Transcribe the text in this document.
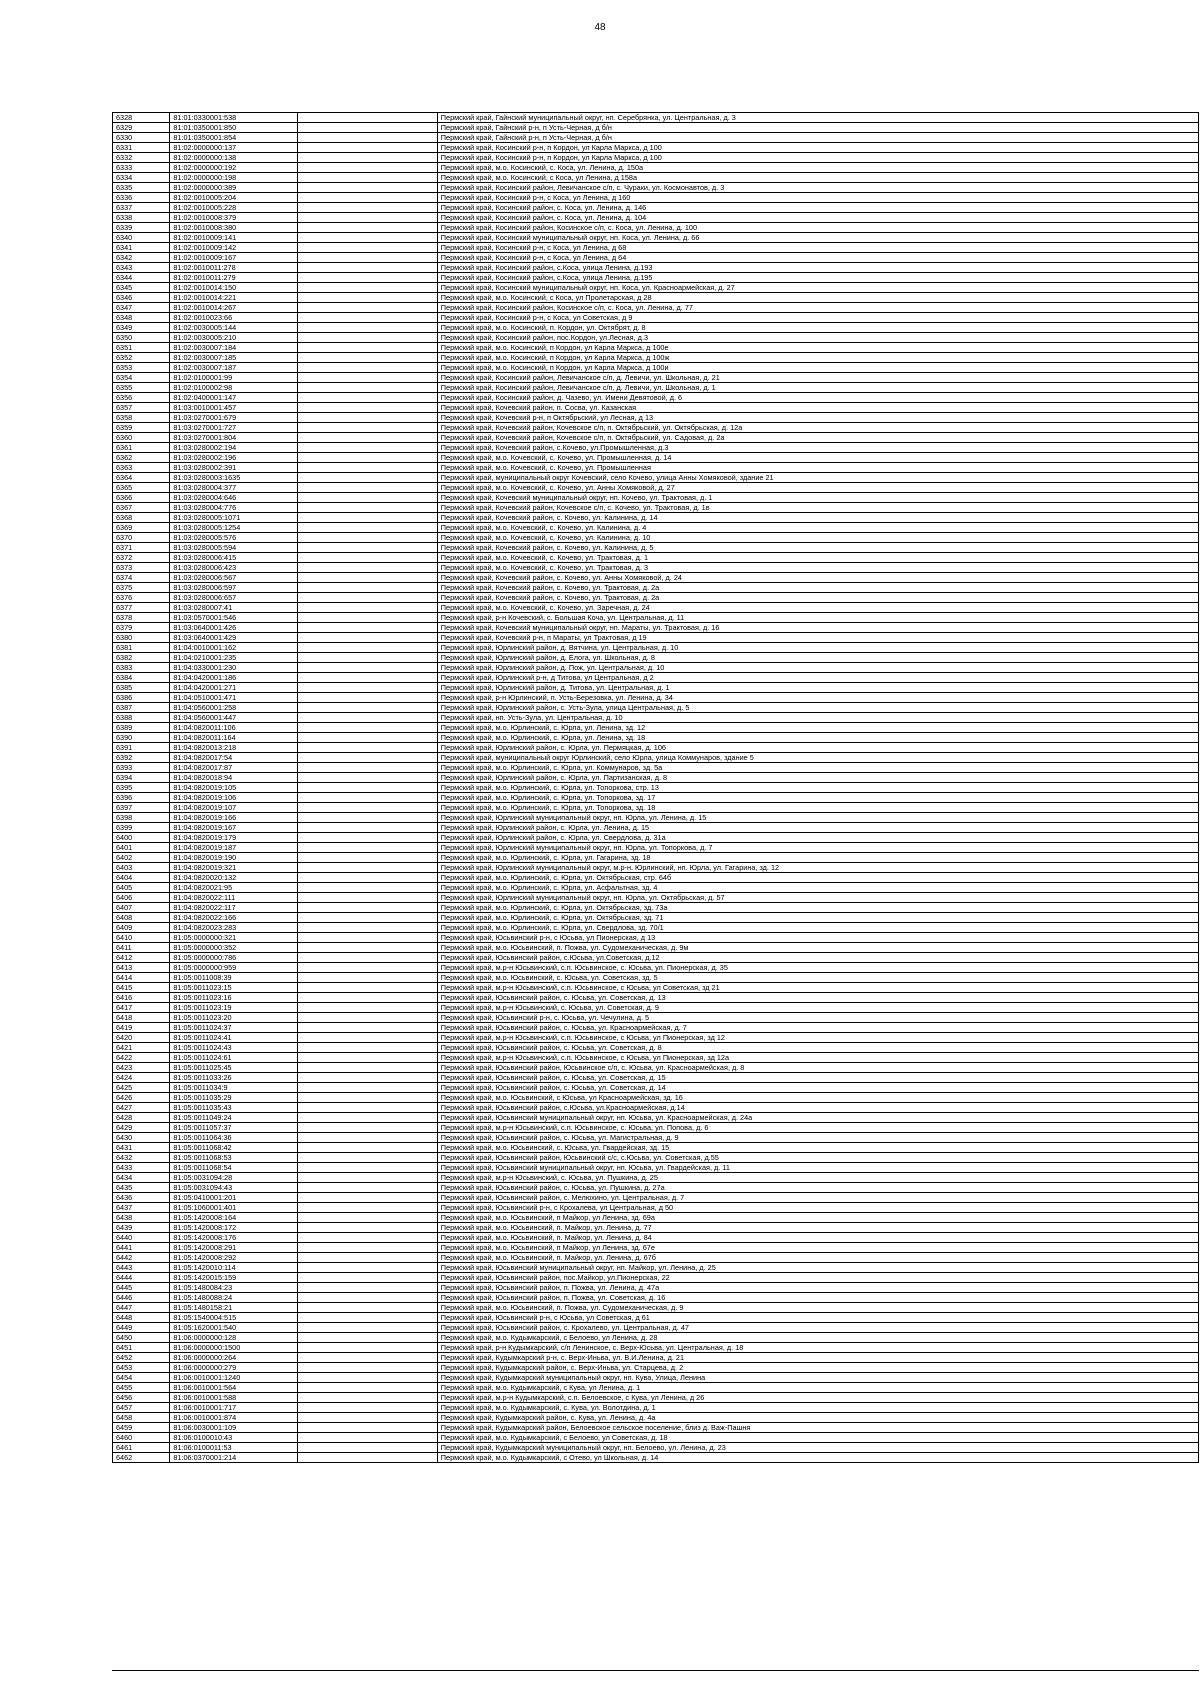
48
6328	81:01:0330001:538		Пермский край, Гайнский муниципальный округ, нп. Серебрянка, ул. Центральная, д. 3
6329	81:01:0350001:850		Пермский край, Гайнский р-н, п Усть-Черная, д б/н
6330	81:01:0350001:854		Пермский край, Гайнский р-н, п Усть-Черная, д б/н
6331	81:02:0000000:137		Пермский край, Косинский р-н, п Кордон, ул Карла Маркса, д 100
6332	81:02:0000000:138		Пермский край, Косинский р-н, п Кордон, ул Карла Маркса, д 100
6333	81:02:0000000:192		Пермский край, м.о. Косинский, с. Коса, ул. Ленина, д. 150а
6334	81:02:0000000:198		Пермский край, м.о. Косинский, с Коса, ул Ленина, д 158а
6335	81:02:0000000:389		Пермский край, Косинский район, Левичанское с/п, с. Чураки, ул. Космонавтов, д. 3
6336	81:02:0010005:204		Пермский край, Косинский р-н, с Коса, ул Ленина, д 160
6337	81:02:0010005:228		Пермский край, Косинский район, с. Коса, ул. Ленина, д. 146
6338	81:02:0010008:379		Пермский край, Косинский район, с. Коса, ул. Ленина, д. 104
6339	81:02:0010008:380		Пермский край, Косинский район, Косинское с/п, с. Коса, ул. Ленина, д. 100
6340	81:02:0010009:141		Пермский край, Косинский муниципальный округ, нп. Коса, ул. Ленина, д. 66
6341	81:02:0010009:142		Пермский край, Косинский р-н, с Коса, ул Ленина, д 68
6342	81:02:0010009:167		Пермский край, Косинский р-н, с Коса, ул Ленина, д 64
6343	81:02:0010011:278		Пермский край, Косинский район, с.Коса, улица Ленина, д.193
6344	81:02:0010011:279		Пермский край, Косинский район, с.Коса, улица Ленина, д.195
6345	81:02:0010014:150		Пермский край, Косинский муниципальный округ, нп. Коса, ул. Красноармейская, д. 27
6346	81:02:0010014:221		Пермский край, м.о. Косинский, с Коса, ул Пролетарская, д 28
6347	81:02:0010014:267		Пермский край, Косинский район, Косинское с/п, с. Коса, ул. Ленина, д. 77
6348	81:02:0010023:66		Пермский край, Косинский р-н, с Коса, ул Советская, д 9
6349	81:02:0030005:144		Пермский край, м.о. Косинский, п. Кордон, ул. Октябрят, д. 8
6350	81:02:0030005:210		Пермский край, Косинский район, пос.Кордон, ул.Лесная, д.3
6351	81:02:0030007:184		Пермский край, м.о. Косинский, п Кордон, ул Карла Маркса, д 100е
6352	81:02:0030007:185		Пермский край, м.о. Косинский, п Кордон, ул Карла Маркса, д 100ж
6353	81:02:0030007:187		Пермский край, м.о. Косинский, п Кордон, ул Карла Маркса, д 100и
6354	81:02:0100001:99		Пермский край, Косинский район, Левичанское с/п, д. Левичи, ул. Школьная, д. 21
6355	81:02:0100002:98		Пермский край, Косинский район, Левичанское с/п, д. Левичи, ул. Школьная, д. 1
6356	81:02:0400001:147		Пермский край, Косинский район, д. Чазево, ул. Имени Девятовой, д. 6
6357	81:03:0010001:457		Пермский край, Кочевский район, п. Сосва, ул. Казанская
6358	81:03:0270001:679		Пермский край, Кочевский р-н, п Октябрьский, ул Лесная, д 13
6359	81:03:0270001:727		Пермский край, Кочевский район, Кочевское с/п, п. Октябрьский, ул. Октябрьская, д. 12а
6360	81:03:0270001:804		Пермский край, Кочевский район, Кочевское с/п, п. Октябрьский, ул. Садовая, д. 2а
6361	81:03:0280002:194		Пермский край, Кочевский район, с.Кочево, ул.Промышленная, д.3
6362	81:03:0280002:196		Пермский край, м.о. Кочевский, с. Кочево, ул. Промышленная, д. 14
6363	81:03:0280002:391		Пермский край, м.о. Кочевский, с. Кочево, ул. Промышленная
6364	81:03:0280003:1635		Пермский край, муниципальный округ Кочевский, село Кочево, улица Анны Хомяковой, здание 21
6365	81:03:0280004:377		Пермский край, м.о. Кочевский, с. Кочево, ул. Анны Хомяковой, д. 27
6366	81:03:0280004:646		Пермский край, Кочевский муниципальный округ, нп. Кочево, ул. Трактовая, д. 1
6367	81:03:0280004:776		Пермский край, Кочевский район, Кочевское с/п, с. Кочево, ул. Трактовая, д. 1в
6368	81:03:0280005:1071		Пермский край, Кочевский район, с. Кочево, ул. Калинина, д. 14
6369	81:03:0280005:1254		Пермский край, м.о. Кочевский, с. Кочево, ул. Калинина, д. 4
6370	81:03:0280005:576		Пермский край, м.о. Кочевский, с. Кочево, ул. Калинина, д. 10
6371	81:03:0280005:594		Пермский край, Кочевский район, с. Кочево, ул. Калинина, д. 5
6372	81:03:0280006:415		Пермский край, м.о. Кочевский, с. Кочево, ул. Трактовая, д. 1
6373	81:03:0280006:423		Пермский край, м.о. Кочевский, с. Кочево, ул. Трактовая, д. 3
6374	81:03:0280006:567		Пермский край, Кочевский район, с. Кочево, ул. Анны Хомяковой, д. 24
6375	81:03:0280006:597		Пермский край, Кочевский район, с. Кочево, ул. Трактовая, д. 2а
6376	81:03:0280006:657		Пермский край, Кочевский район, с. Кочево, ул. Трактовая, д. 2а
6377	81:03:0280007:41		Пермский край, м.о. Кочевский, с. Кочево, ул. Заречная, д. 24
6378	81:03:0570001:546		Пермский край, р-н Кочевский, с. Большая Коча, ул. Центральная, д. 11
6379	81:03:0640001:426		Пермский край, Кочевский муниципальный округ, нп. Мараты, ул. Трактовая, д. 16
6380	81:03:0640001:429		Пермский край, Кочевский р-н, п Мараты, ул Трактовая, д 19
6381	81:04:0010001:162		Пермский край, Юрлинский район, д. Вятчина, ул. Центральная, д. 10
6382	81:04:0210001:235		Пермский край, Юрлинский район, д. Елога, ул. Школьная, д. 8
6383	81:04:0330001:230		Пермский край, Юрлинский район, д. Пож, ул. Центральная, д. 10
6384	81:04:0420001:186		Пермский край, Юрлинский р-н, д Титова, ул Центральная, д 2
6385	81:04:0420001:271		Пермский край, Юрлинский район, д. Титова, ул. Центральная, д. 1
6386	81:04:0510001:471		Пермский край, р-н Юрлинский, п. Усть-Березовка, ул. Ленина, д. 34
6387	81:04:0560001:258		Пермский край, Юрлинский район, с. Усть-Зула, улица Центральная, д. 5
6388	81:04:0560001:447		Пермский край, нп. Усть-Зула, ул. Центральная, д. 10
6389	81:04:0820011:106		Пермский край, м.о. Юрлинский, с. Юрла, ул. Ленина, зд. 12
6390	81:04:0820011:164		Пермский край, м.о. Юрлинский, с. Юрла, ул. Ленина, зд. 18
6391	81:04:0820013:218		Пермский край, Юрлинский район, с. Юрла, ул. Пермяцкая, д. 106
6392	81:04:0820017:54		Пермский край, муниципальный округ Юрлинский, село Юрла, улица Коммунаров, здание 5
6393	81:04:0820017:87		Пермский край, м.о. Юрлинский, с. Юрла, ул. Коммунаров, зд. 5а
6394	81:04:0820018:94		Пермский край, Юрлинский район, с. Юрла, ул. Партизанская, д. 8
6395	81:04:0820019:105		Пермский край, м.о. Юрлинский, с. Юрла, ул. Топоркова, стр. 13
6396	81:04:0820019:106		Пермский край, м.о. Юрлинский, с. Юрла, ул. Топоркова, зд. 17
6397	81:04:0820019:107		Пермский край, м.о. Юрлинский, с. Юрла, ул. Топоркова, зд. 18
6398	81:04:0820019:166		Пермский край, Юрлинский муниципальный округ, нп. Юрла, ул. Ленина, д. 15
6399	81:04:0820019:167		Пермский край, Юрлинский район, с. Юрла, ул. Ленина, д. 15
6400	81:04:0820019:179		Пермский край, Юрлинский район, с. Юрла, ул. Свердлова, д. 31а
6401	81:04:0820019:187		Пермский край, Юрлинский муниципальный округ, нп. Юрла, ул. Топоркова, д. 7
6402	81:04:0820019:190		Пермский край, м.о. Юрлинский, с. Юрла, ул. Гагарина, зд. 18
6403	81:04:0820019:321		Пермский край, Юрлинский муниципальный округ, м.р-н. Юрлинский, нп. Юрла, ул. Гагарина, зд. 12
6404	81:04:0820020:132		Пермский край, м.о. Юрлинский, с. Юрла, ул. Октябрьская, стр. 64б
6405	81:04:0820021:95		Пермский край, м.о. Юрлинский, с. Юрла, ул. Асфальтная, зд. 4
6406	81:04:0820022:111		Пермский край, Юрлинский муниципальный округ, нп. Юрла, ул. Октябрьская, д. 57
6407	81:04:0820022:117		Пермский край, м.о. Юрлинский, с. Юрла, ул. Октябрьская, зд. 73а
6408	81:04:0820022:166		Пермский край, м.о. Юрлинский, с. Юрла, ул. Октябрьская, зд. 71
6409	81:04:0820023:283		Пермский край, м.о. Юрлинский, с. Юрла, ул. Свердлова, зд. 70/1
6410	81:05:0000000:321		Пермский край, Юсьвинский р-н, с Юсьва, ул Пионерская, д 13
6411	81:05:0000000:352		Пермский край, м.о. Юсьвинский, п. Пожва, ул. Судомеханическая, д. 9м
6412	81:05:0000000:786		Пермский край, Юсьвинский район, с.Юсьва, ул.Советская, д.12
6413	81:05:0000000:959		Пермский край, м.р-н Юсьвинский, с.п. Юсьвинское, с. Юсьва, ул. Пионерская, д. 35
6414	81:05:0011008:39		Пермский край, м.о. Юсьвинский, с. Юсьва, ул. Советская, зд. 5
6415	81:05:0011023:15		Пермский край, м.р-н Юсьвинский, с.п. Юсьвинское, с Юсьва, ул Советская, зд 21
6416	81:05:0011023:16		Пермский край, Юсьвинский район, с. Юсьва, ул. Советская, д. 13
6417	81:05:0011023:19		Пермский край, м.р-н Юсьвинский, с. Юсьва, ул. Советская, д. 9
6418	81:05:0011023:20		Пермский край, Юсьвинский р-н, с. Юсьва, ул. Чечулина, д. 5
6419	81:05:0011024:37		Пермский край, Юсьвинский район, с. Юсьва, ул. Красноармейская, д. 7
6420	81:05:0011024:41		Пермский край, м.р-н Юсьвинский, с.п. Юсьвинское, с Юсьва, ул Пионерская, зд 12
6421	81:05:0011024:43		Пермский край, Юсьвинский район, с. Юсьва, ул. Советская, д. 8
6422	81:05:0011024:61		Пермский край, м.р-н Юсьвинский, с.п. Юсьвинское, с Юсьва, ул Пионерская, зд 12а
6423	81:05:0011025:45		Пермский край, Юсьвинский район, Юсьвинское с/п, с. Юсьва, ул. Красноармейская, д. 8
6424	81:05:0011033:26		Пермский край, Юсьвинский район, с. Юсьва, ул. Советская, д. 15
6425	81:05:0011034:9		Пермский край, Юсьвинский район, с. Юсьва, ул. Советская, д. 14
6426	81:05:0011035:29		Пермский край, м.о. Юсьвинский, с Юсьва, ул Красноармейская, зд. 16
6427	81:05:0011035:43		Пермский край, Юсьвинский район, с.Юсьва, ул.Красноармейская, д.14
6428	81:05:0011049:24		Пермский край, Юсьвинский муниципальный округ, нп. Юсьва, ул. Красноармейская, д. 24а
6429	81:05:0011057:37		Пермский край, м.р-н Юсьвинский, с.п. Юсьвинское, с. Юсьва, ул. Попова, д. 6
6430	81:05:0011064:36		Пермский край, Юсьвинский район, с. Юсьва, ул. Магистральная, д. 9
6431	81:05:0011068:42		Пермский край, м.о. Юсьвинский, с. Юсьва, ул. Гвардейская, зд. 15
6432	81:05:0011068:53		Пермский край, Юсьвинский район, Юсьвинский с/с, с.Юсьва, ул. Советская, д.55
6433	81:05:0011068:54		Пермский край, Юсьвинский муниципальный округ, нп. Юсьва, ул. Гвардейская, д. 11
6434	81:05:0031094:28		Пермский край, м.р-н Юсьвинский, с. Юсьва, ул. Пушкина, д. 25
6435	81:05:0031094:43		Пермский край, Юсьвинский район, с. Юсьва, ул. Пушкина, д. 27а
6436	81:05:0410001:201		Пермский край, Юсьвинский район, с. Мелюхино, ул. Центральная, д. 7
6437	81:05:1060001:401		Пермский край, Юсьвинский р-н, с Крохалева, ул Центральная, д 50
6438	81:05:1420008:164		Пермский край, м.о. Юсьвинский, п Майкор, ул Ленина, зд. 69а
6439	81:05:1420008:172		Пермский край, м.о. Юсьвинский, п. Майкор, ул. Ленина, д. 77
6440	81:05:1420008:176		Пермский край, м.о. Юсьвинский, п. Майкор, ул. Ленина, д. 84
6441	81:05:1420008:291		Пермский край, м.о. Юсьвинский, п Майкор, ул Ленина, зд. 67е
6442	81:05:1420008:292		Пермский край, м.о. Юсьвинский, п. Майкор, ул. Ленина, д. 67б
6443	81:05:1420010:114		Пермский край, Юсьвинский муниципальный округ, нп. Майкор, ул. Ленина, д. 25
6444	81:05:1420015:159		Пермский край, Юсьвинский район, пос.Майкор, ул.Пионерская, 22
6445	81:05:1480084:23		Пермский край, Юсьвинский район, п. Пожва, ул. Ленина, д. 47а
6446	81:05:1480088:24		Пермский край, Юсьвинский район, п. Пожва, ул. Советская, д. 16
6447	81:05:1480158:21		Пермский край, м.о. Юсьвинский, п. Пожва, ул. Судомеханическая, д. 9
6448	81:05:1540004:515		Пермский край, Юсьвинский р-н, с Юсьва, ул Советская, д 61
6449	81:05:1620001:540		Пермский край, Юсьвинский район, с. Крохалево, ул. Центральная, д. 47
6450	81:06:0000000:128		Пермский край, м.о. Кудымкарский, с Белоево, ул Ленина, д. 28
6451	81:06:0000000:1500		Пермский край, р-н Кудымкарский, с/п Ленинское, с. Верх-Юсьва, ул. Центральная, д. 18
6452	81:06:0000000:264		Пермский край, Кудымкарский р-н, с. Верх-Иньва, ул. В.И.Ленина, д. 21
6453	81:06:0000000:279		Пермский край, Кудымкарский район, с. Верх-Иньва, ул. Старцева, д. 2
6454	81:06:0010001:1240		Пермский край, Кудымкарский муниципальный округ, нп. Кува, Улица, Ленина
6455	81:06:0010001:564		Пермский край, м.о. Кудымкарский, с Кува, ул Ленина, д. 1
6456	81:06:0010001:588		Пермский край, м.р-н Кудымкарский, с.п. Белоевское, с Кува, ул Ленина, д 26
6457	81:06:0010001:717		Пермский край, м.о. Кудымкарский, с. Кува, ул. Волотдина, д. 1
6458	81:06:0010001:874		Пермский край, Кудымкарский район, с. Кува, ул. Ленина, д. 4а
6459	81:06:0030001:109		Пермский край, Кудымкарский район, Белоевское сельское поселение, близ д. Важ-Пашня
6460	81:06:0100010:43		Пермский край, м.о. Кудымкарский, с Белоево, ул Советская, д. 18
6461	81:06:0100011:53		Пермский край, Кудымкарский муниципальный округ, нп. Белоево, ул. Ленина, д. 23
6462	81:06:0370001:214		Пермский край, м.о. Кудымкарский, с Отево, ул Школьная, д. 14
